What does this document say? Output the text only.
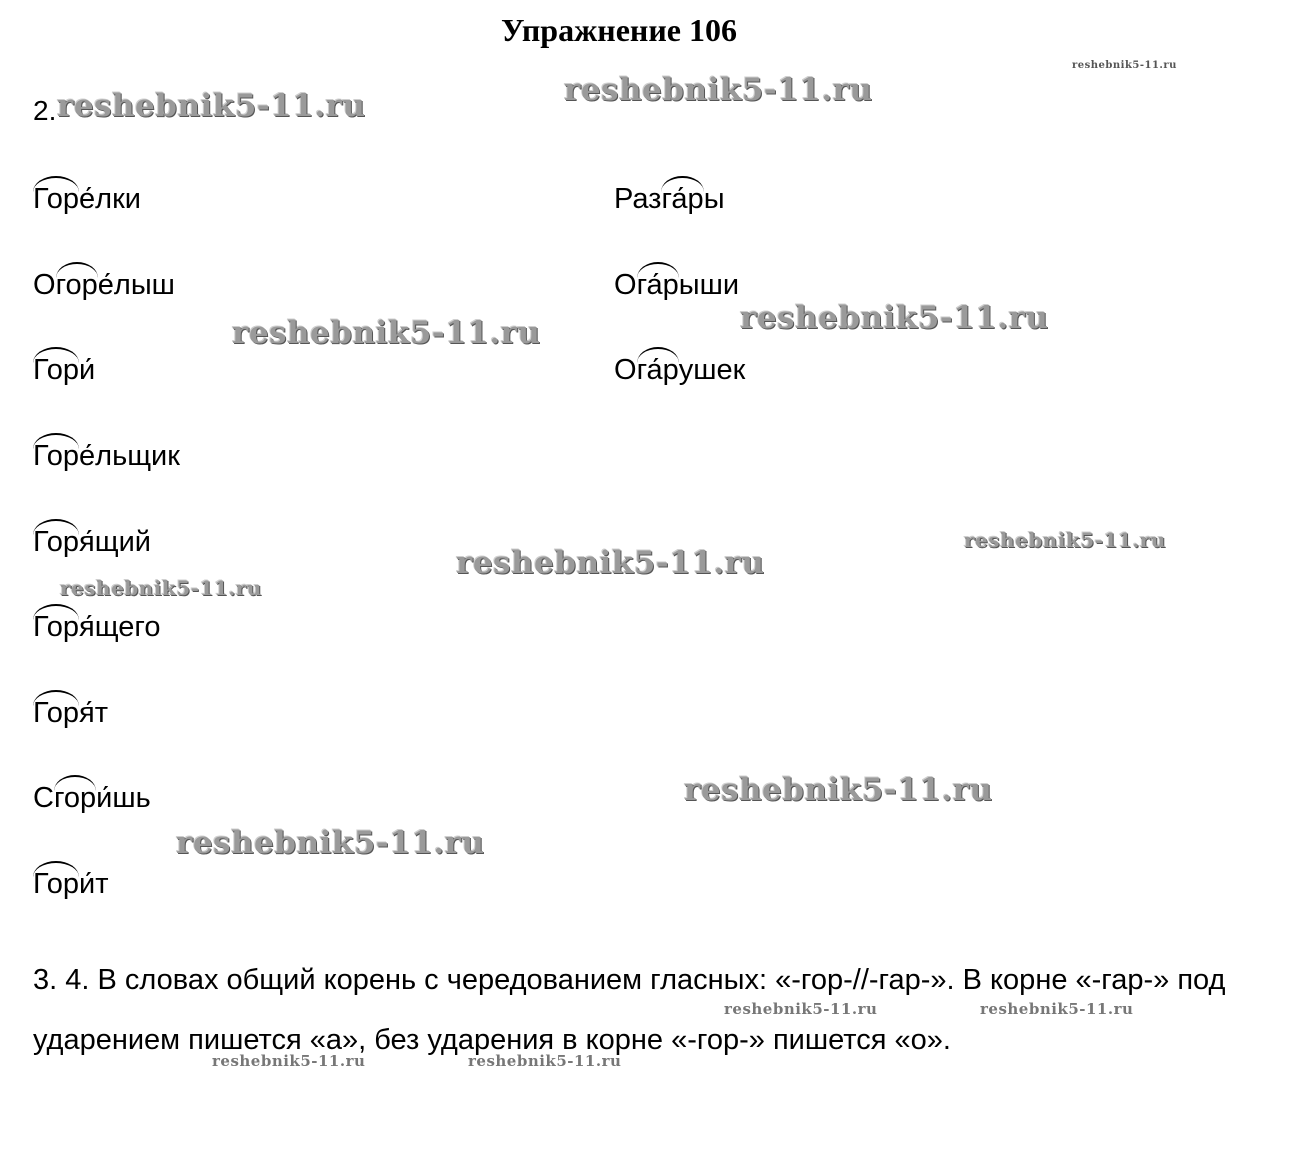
Упражнение 106
2.
Горе́лки
Огоре́лыш
Гори́
Горе́льщик
Горя́щий
Горя́щего
Горя́т
Сгори́шь
Гори́т
Разга́ры
Ога́рыши
Ога́рушек
3. 4. В словах общий корень с чередованием гласных: «-гор-//-гар-». В корне «-гар-» под ударением пишется «а», без ударения в корне «-гор-» пишется «о».
reshebnik5-11.ru	reshebnik5-11.ru
reshebnik5-11.ru
reshebnik5-11.ru	reshebnik5-11.ru
reshebnik5-11.ru
reshebnik5-11.ru
reshebnik5-11.ru
reshebnik5-11.ru
reshebnik5-11.ru
reshebnik5-11.ru	reshebnik5-11.ru
reshebnik5-11.ru	reshebnik5-11.ru
